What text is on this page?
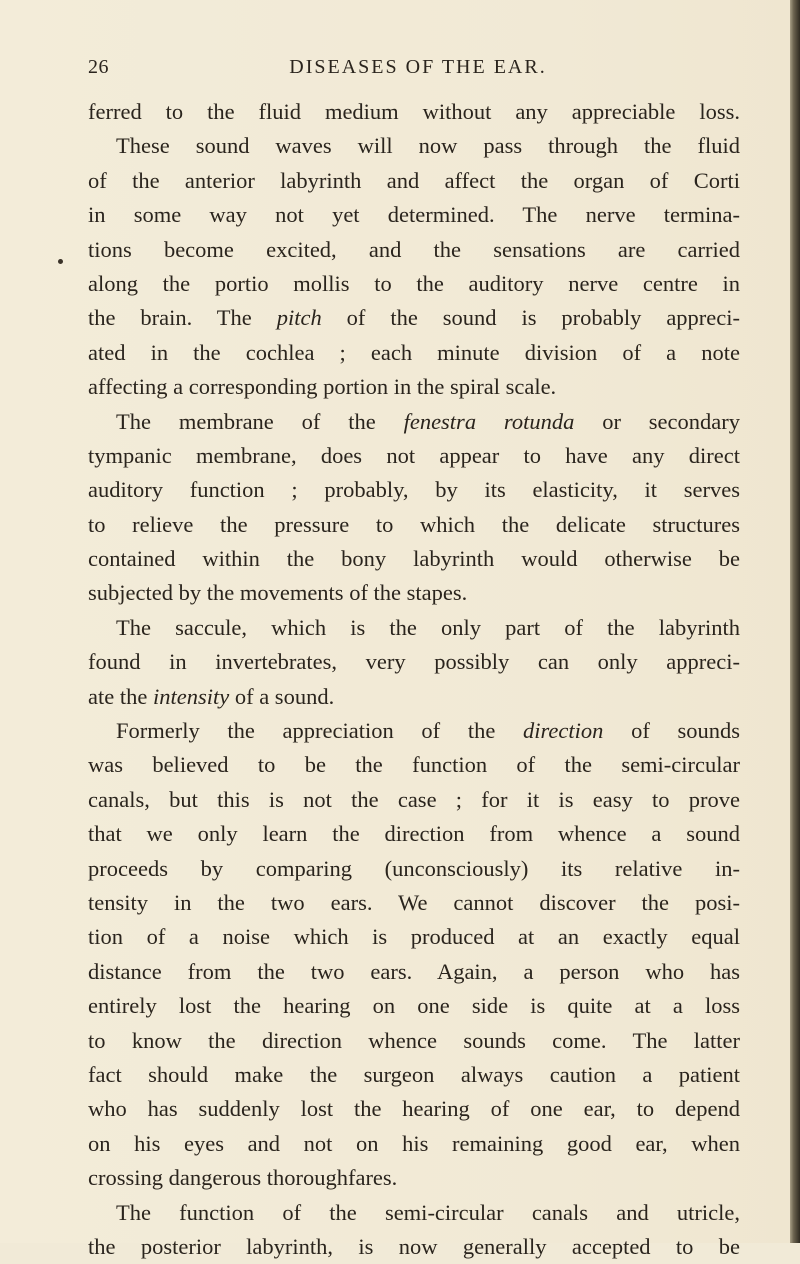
26	DISEASES OF THE EAR.
ferred to the fluid medium without any appreciable loss.
These sound waves will now pass through the fluid
of the anterior labyrinth and affect the organ of Corti
in some way not yet determined. The nerve termina-
tions become excited, and the sensations are carried
along the portio mollis to the auditory nerve centre in
the brain. The pitch of the sound is probably appreci-
ated in the cochlea ; each minute division of a note
affecting a corresponding portion in the spiral scale.
The membrane of the fenestra rotunda or secondary
tympanic membrane, does not appear to have any direct
auditory function ; probably, by its elasticity, it serves
to relieve the pressure to which the delicate structures
contained within the bony labyrinth would otherwise be
subjected by the movements of the stapes.
The saccule, which is the only part of the labyrinth
found in invertebrates, very possibly can only appreci-
ate the intensity of a sound.
Formerly the appreciation of the direction of sounds
was believed to be the function of the semi-circular
canals, but this is not the case ; for it is easy to prove
that we only learn the direction from whence a sound
proceeds by comparing (unconsciously) its relative in-
tensity in the two ears. We cannot discover the posi-
tion of a noise which is produced at an exactly equal
distance from the two ears. Again, a person who has
entirely lost the hearing on one side is quite at a loss
to know the direction whence sounds come. The latter
fact should make the surgeon always caution a patient
who has suddenly lost the hearing of one ear, to depend
on his eyes and not on his remaining good ear, when
crossing dangerous thoroughfares.
The function of the semi-circular canals and utricle,
the posterior labyrinth, is now generally accepted to be
